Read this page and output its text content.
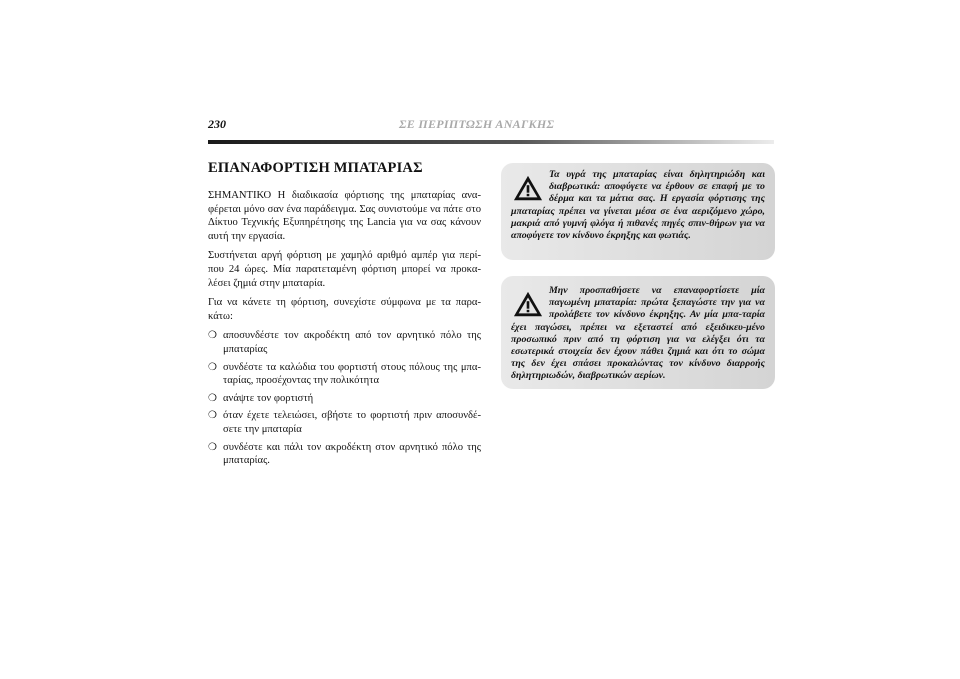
230	ΣΕ ΠΕΡΙΠΤΩΣΗ ΑΝΑΓΚΗΣ
ΕΠΑΝΑΦΟΡΤΙΣΗ ΜΠΑΤΑΡΙΑΣ

ΣΗΜΑΝΤΙΚΟ Η διαδικασία φόρτισης της μπαταρίας ανα-φέρεται μόνο σαν ένα παράδειγμα. Σας συνιστούμε να πάτε στο Δίκτυο Τεχνικής Εξυπηρέτησης της Lancia για να σας κάνουν αυτή την εργασία.

Συστήνεται αργή φόρτιση με χαμηλό αριθμό αμπέρ για περί-που 24 ώρες. Μία παρατεταμένη φόρτιση μπορεί να προκα-λέσει ζημιά στην μπαταρία.

Για να κάνετε τη φόρτιση, συνεχίστε σύμφωνα με τα παρα-κάτω:

❍ αποσυνδέστε τον ακροδέκτη από τον αρνητικό πόλο της μπαταρίας
❍ συνδέστε τα καλώδια του φορτιστή στους πόλους της μπα-ταρίας, προσέχοντας την πολικότητα
❍ ανάψτε τον φορτιστή
❍ όταν έχετε τελειώσει, σβήστε το φορτιστή πριν αποσυνδέ-σετε την μπαταρία
❍ συνδέστε και πάλι τον ακροδέκτη στον αρνητικό πόλο της μπαταρίας.
Τα υγρά της μπαταρίας είναι δηλητηριώδη και διαβρωτικά: αποφύγετε να έρθουν σε επαφή με το δέρμα και τα μάτια σας. Η εργασία φόρτισης της μπαταρίας πρέπει να γίνεται μέσα σε ένα αεριζόμενο χώρο, μακριά από γυμνή φλόγα ή πιθανές πηγές σπιν-θήρων για να αποφύγετε τον κίνδυνο έκρηξης και φωτιάς.
Μην προσπαθήσετε να επαναφορτίσετε μία παγωμένη μπαταρία: πρώτα ξεπαγώστε την για να προλάβετε τον κίνδυνο έκρηξης. Αν μία μπα-ταρία έχει παγώσει, πρέπει να εξεταστεί από εξειδικευ-μένο προσωπικό πριν από τη φόρτιση για να ελέγξει ότι τα εσωτερικά στοιχεία δεν έχουν πάθει ζημιά και ότι το σώμα της δεν έχει σπάσει προκαλώντας τον κίνδυνο διαρροής δηλητηριωδών, διαβρωτικών αερίων.
